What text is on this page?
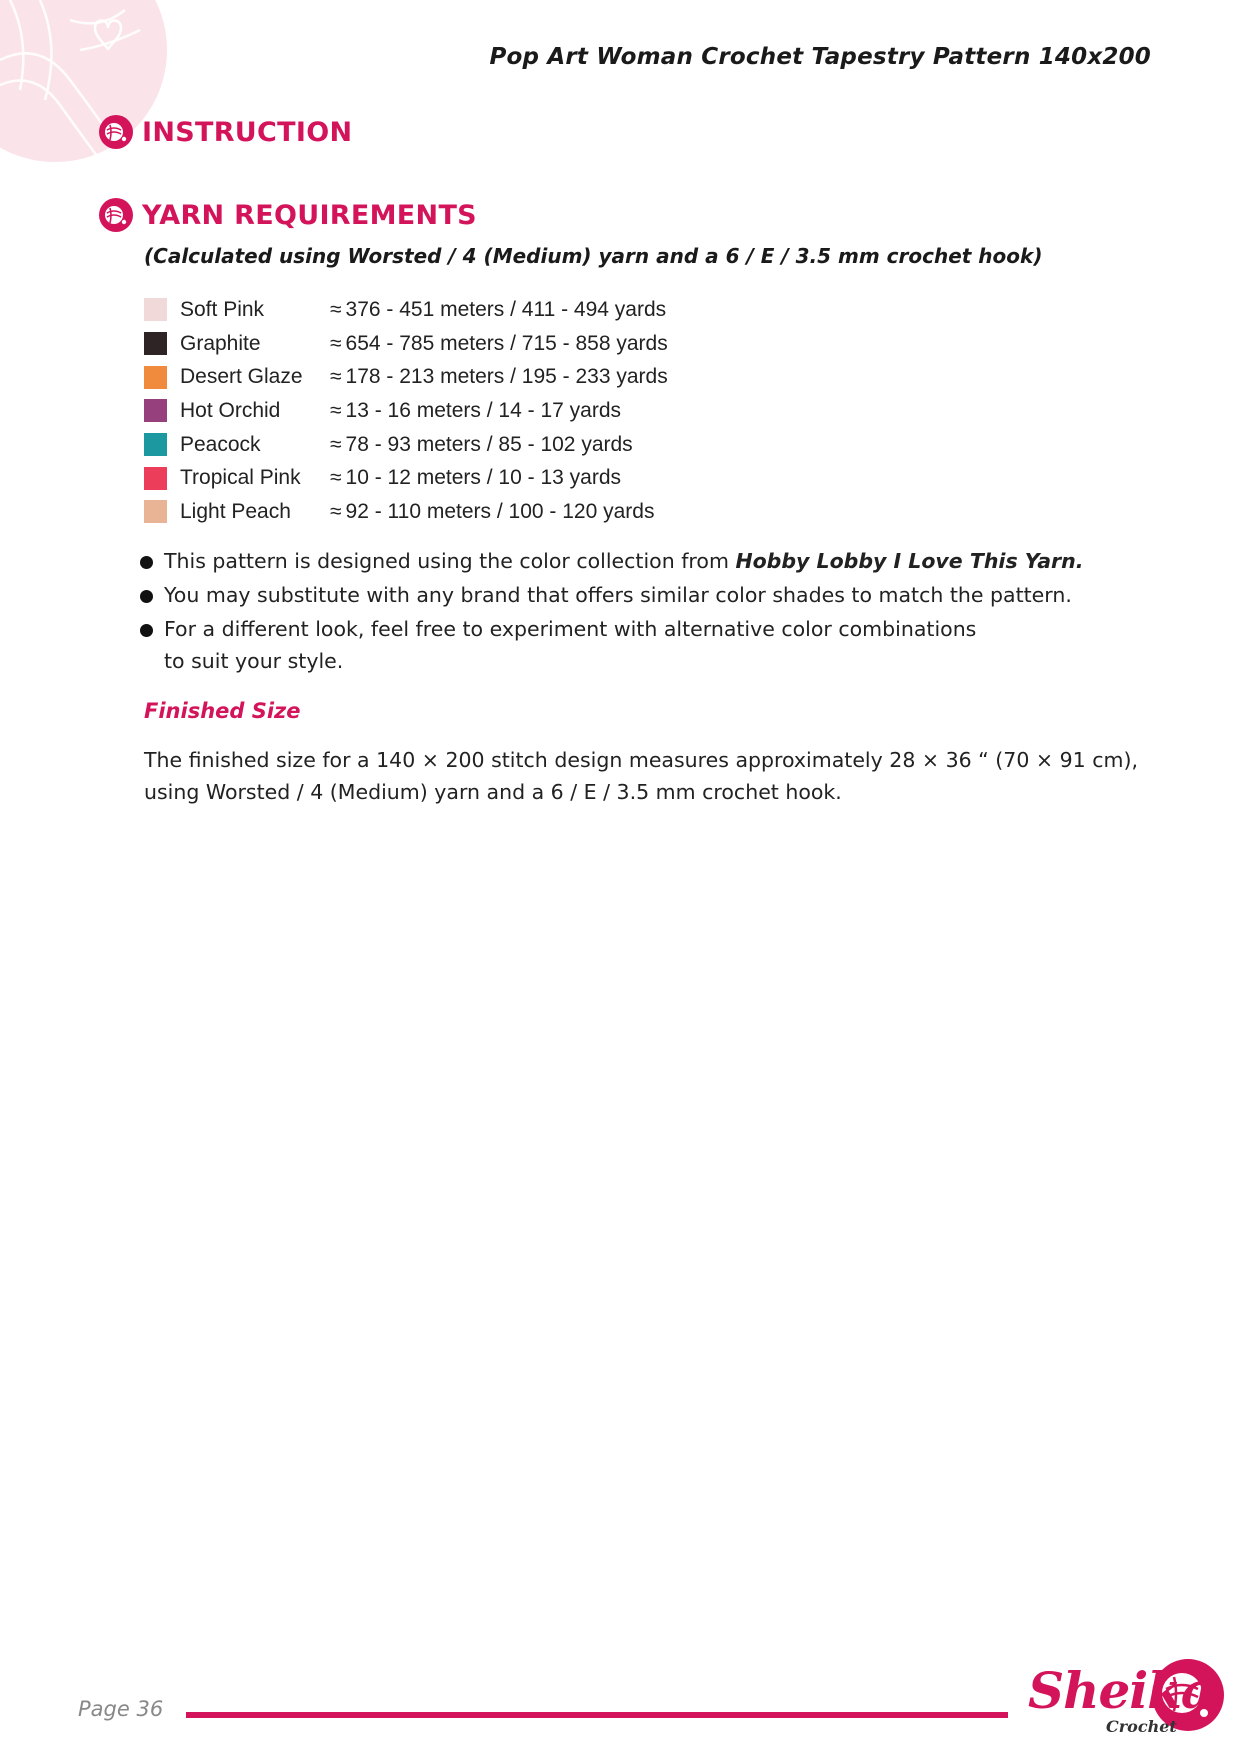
Pop Art Woman Crochet Tapestry Pattern 140x200
INSTRUCTION
YARN REQUIREMENTS

(Calculated using Worsted / 4 (Medium) yarn and a 6 / E / 3.5 mm crochet hook)

Soft Pink	≈ 376 - 451 meters / 411 - 494 yards
Graphite	≈ 654 - 785 meters / 715 - 858 yards
Desert Glaze	≈ 178 - 213 meters / 195 - 233 yards
Hot Orchid	≈ 13 - 16 meters / 14 - 17 yards
Peacock	≈ 78 - 93 meters / 85 - 102 yards
Tropical Pink	≈ 10 - 12 meters / 10 - 13 yards
Light Peach	≈ 92 - 110 meters / 100 - 120 yards
This pattern is designed using the color collection from Hobby Lobby I Love This Yarn.
You may substitute with any brand that offers similar color shades to match the pattern.
For a different look, feel free to experiment with alternative color combinations
to suit your style.
Finished Size

The finished size for a 140 × 200 stitch design measures approximately 28 × 36 “ (70 × 91 cm),
using Worsted / 4 (Medium) yarn and a 6 / E / 3.5 mm crochet hook.

Page 36	Sheika
Crochet
